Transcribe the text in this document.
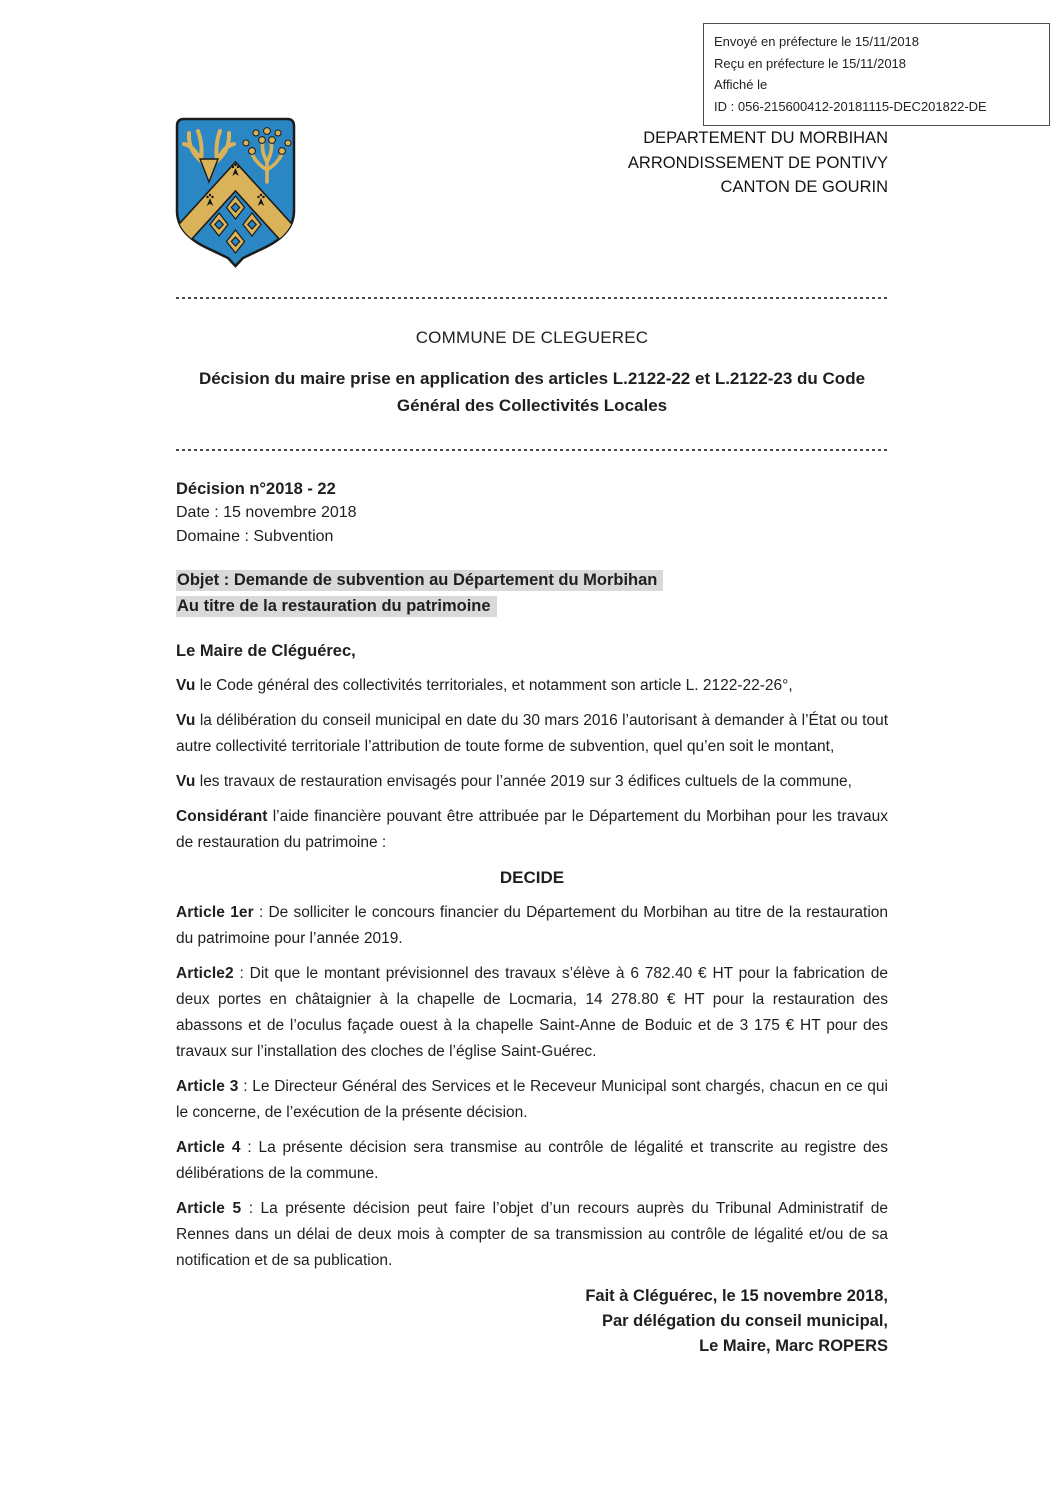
Envoyé en préfecture le 15/11/2018
Reçu en préfecture le 15/11/2018
Affiché le
ID : 056-215600412-20181115-DEC201822-DE
DEPARTEMENT DU MORBIHAN
ARRONDISSEMENT DE PONTIVY
CANTON DE GOURIN
COMMUNE DE CLEGUEREC
Décision du maire prise en application des articles L.2122-22 et L.2122-23 du Code Général des Collectivités Locales
Décision n°2018 - 22
Date : 15 novembre 2018
Domaine : Subvention
Objet : Demande de subvention au Département du Morbihan
Au titre de la restauration du patrimoine
Le Maire de Cléguérec,

Vu le Code général des collectivités territoriales, et notamment son article L. 2122-22-26°,

Vu la délibération du conseil municipal en date du 30 mars 2016 l’autorisant à demander à l’État ou tout autre collectivité territoriale l’attribution de toute forme de subvention, quel qu’en soit le montant,

Vu les travaux de restauration envisagés pour l’année 2019 sur 3 édifices cultuels de la commune,

Considérant l’aide financière pouvant être attribuée par le Département du Morbihan pour les travaux de restauration du patrimoine :

DECIDE

Article 1er : De solliciter le concours financier du Département du Morbihan au titre de la restauration du patrimoine pour l’année 2019.

Article2 : Dit que le montant prévisionnel des travaux s’élève à 6 782.40 € HT pour la fabrication de deux portes en châtaignier à la chapelle de Locmaria, 14 278.80 € HT pour la restauration des abassons et de l’oculus façade ouest à la chapelle Saint-Anne de Boduic et de 3 175 € HT pour des travaux sur l’installation des cloches de l’église Saint-Guérec.

Article 3 : Le Directeur Général des Services et le Receveur Municipal sont chargés, chacun en ce qui le concerne, de l’exécution de la présente décision.

Article 4 : La présente décision sera transmise au contrôle de légalité et transcrite au registre des délibérations de la commune.

Article 5 : La présente décision peut faire l’objet d’un recours auprès du Tribunal Administratif de Rennes dans un délai de deux mois à compter de sa transmission au contrôle de légalité et/ou de sa notification et de sa publication.

Fait à Cléguérec, le 15 novembre 2018,
Par délégation du conseil municipal,
Le Maire, Marc ROPERS
